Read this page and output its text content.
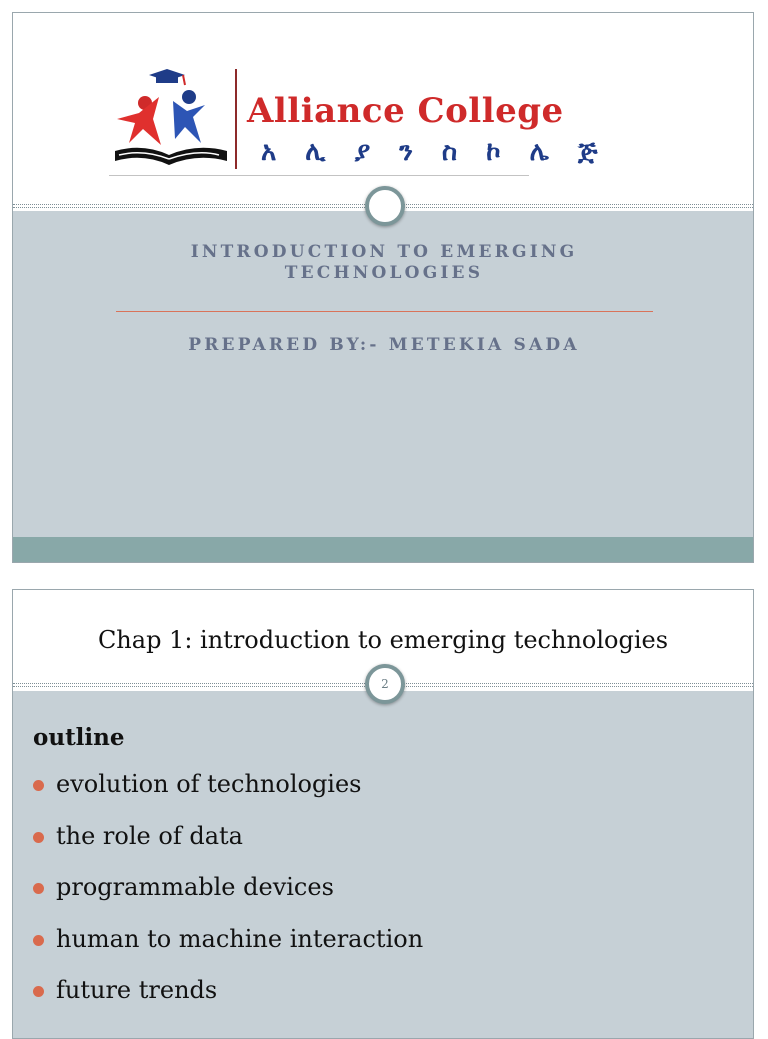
Alliance College
አ ሊ ያ ን ስ ኮ ሌ ጅ
INTRODUCTION TO EMERGING TECHNOLOGIES
PREPARED BY:- METEKIA SADA
Chap 1: introduction to emerging technologies
2
outline
evolution of technologies
the role of data
programmable devices
human to machine interaction
future trends
